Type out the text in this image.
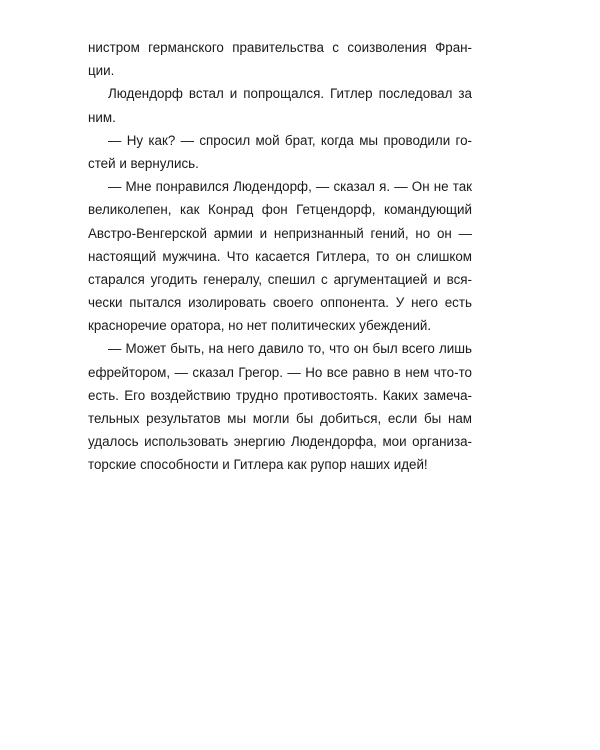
нистром германского правительства с соизволения Фран-
ции.
Людендорф встал и попрощался. Гитлер последовал за
ним.
— Ну как? — спросил мой брат, когда мы проводили го-
стей и вернулись.
— Мне понравился Людендорф, — сказал я. — Он не так
великолепен, как Конрад фон Гетцендорф, командующий
Австро-Венгерской армии и непризнанный гений, но он —
настоящий мужчина. Что касается Гитлера, то он слишком
старался угодить генералу, спешил с аргументацией и вся-
чески пытался изолировать своего оппонента. У него есть
красноречие оратора, но нет политических убеждений.
— Может быть, на него давило то, что он был всего лишь
ефрейтором, — сказал Грегор. — Но все равно в нем что-то
есть. Его воздействию трудно противостоять. Каких замеча-
тельных результатов мы могли бы добиться, если бы нам
удалось использовать энергию Людендорфа, мои организа-
торские способности и Гитлера как рупор наших идей!
